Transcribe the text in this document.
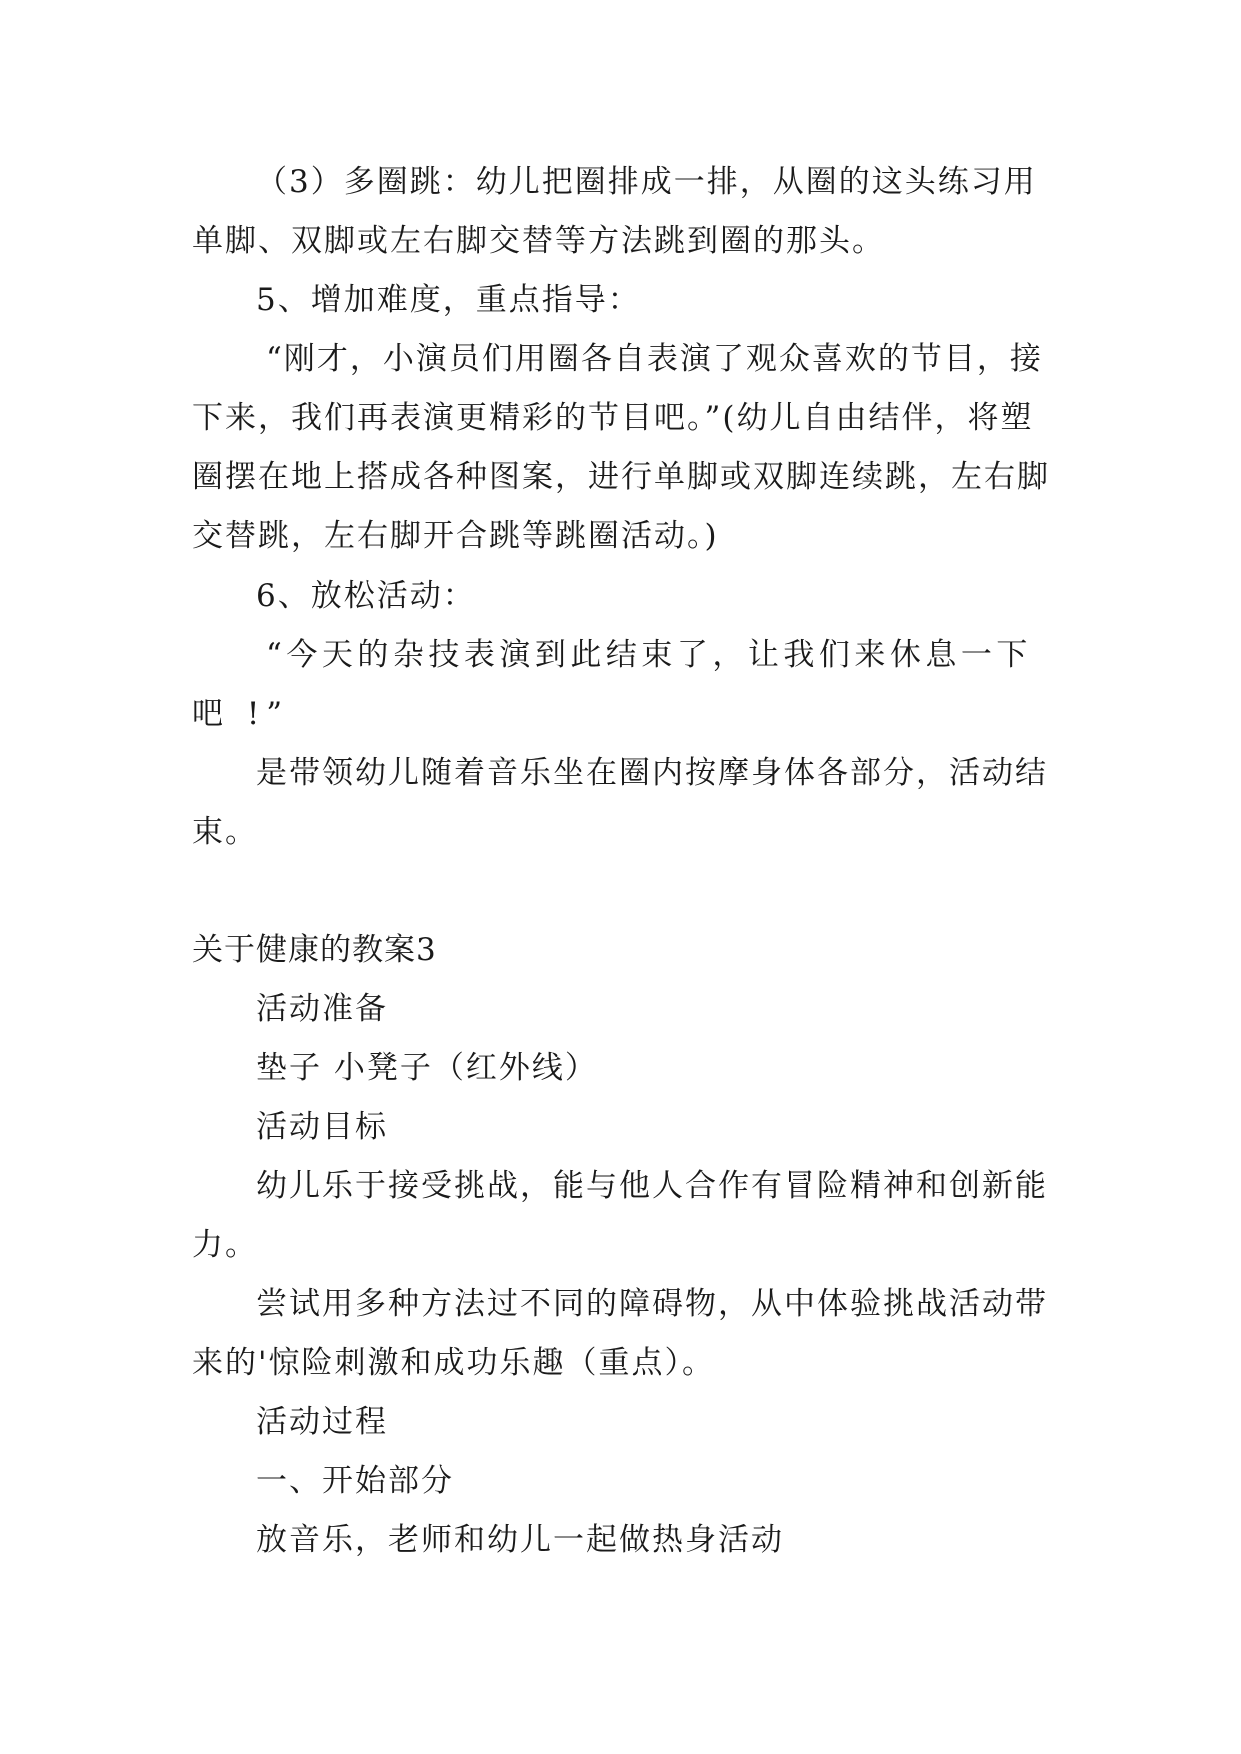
（3）多圈跳：幼儿把圈排成一排，从圈的这头练习用
单脚、双脚或左右脚交替等方法跳到圈的那头。
5、增加难度，重点指导：
“刚才，小演员们用圈各自表演了观众喜欢的节目，接
下来，我们再表演更精彩的节目吧。”(幼儿自由结伴，将塑
圈摆在地上搭成各种图案，进行单脚或双脚连续跳，左右脚
交替跳，左右脚开合跳等跳圈活动。)
6、放松活动：
“今天的杂技表演到此结束了，让我们来休息一下
吧 !”
是带领幼儿随着音乐坐在圈内按摩身体各部分，活动结
束。
关于健康的教案3
活动准备
垫子 小凳子（红外线）
活动目标
幼儿乐于接受挑战，能与他人合作有冒险精神和创新能
力。
尝试用多种方法过不同的障碍物，从中体验挑战活动带
来的'惊险刺激和成功乐趣（重点）。
活动过程
一、开始部分
放音乐，老师和幼儿一起做热身活动
